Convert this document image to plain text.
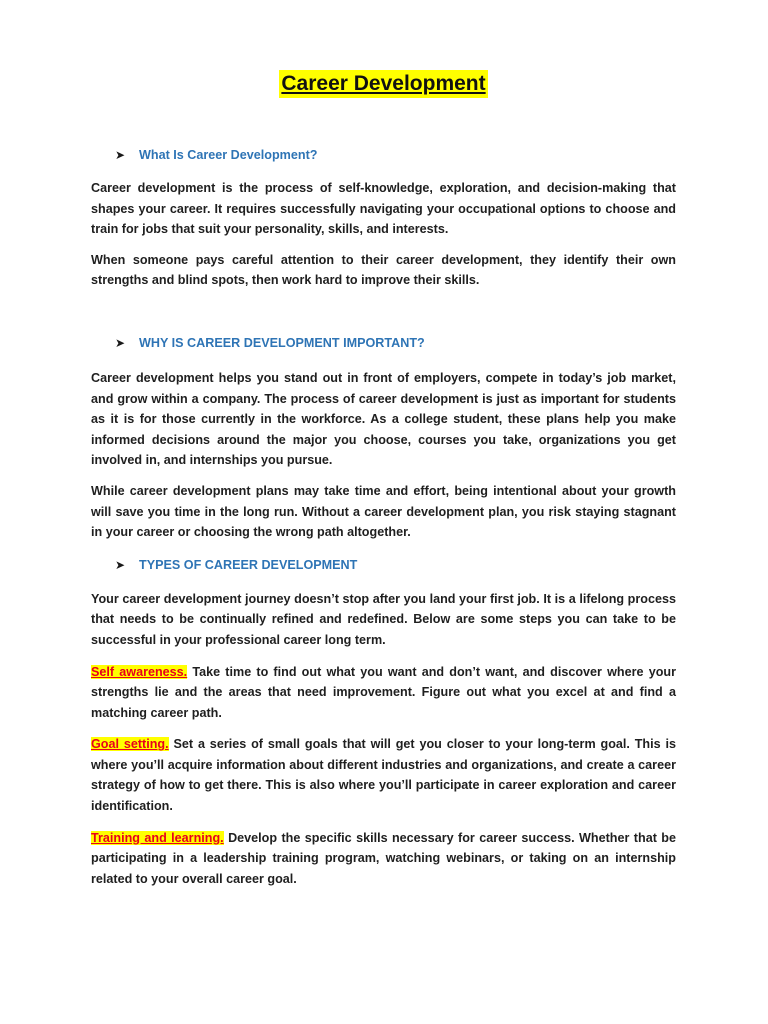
Career Development
➤ What Is Career Development?

Career development is the process of self-knowledge, exploration, and decision-making that shapes your career. It requires successfully navigating your occupational options to choose and train for jobs that suit your personality, skills, and interests.

When someone pays careful attention to their career development, they identify their own strengths and blind spots, then work hard to improve their skills.

➤ WHY IS CAREER DEVELOPMENT IMPORTANT?

Career development helps you stand out in front of employers, compete in today’s job market, and grow within a company. The process of career development is just as important for students as it is for those currently in the workforce. As a college student, these plans help you make informed decisions around the major you choose, courses you take, organizations you get involved in, and internships you pursue.

While career development plans may take time and effort, being intentional about your growth will save you time in the long run. Without a career development plan, you risk staying stagnant in your career or choosing the wrong path altogether.

➤ TYPES OF CAREER DEVELOPMENT

Your career development journey doesn’t stop after you land your first job. It is a lifelong process that needs to be continually refined and redefined. Below are some steps you can take to be successful in your professional career long term.

Self awareness. Take time to find out what you want and don’t want, and discover where your strengths lie and the areas that need improvement. Figure out what you excel at and find a matching career path.

Goal setting. Set a series of small goals that will get you closer to your long-term goal. This is where you’ll acquire information about different industries and organizations, and create a career strategy of how to get there. This is also where you’ll participate in career exploration and career identification.

Training and learning. Develop the specific skills necessary for career success. Whether that be participating in a leadership training program, watching webinars, or taking on an internship related to your overall career goal.
